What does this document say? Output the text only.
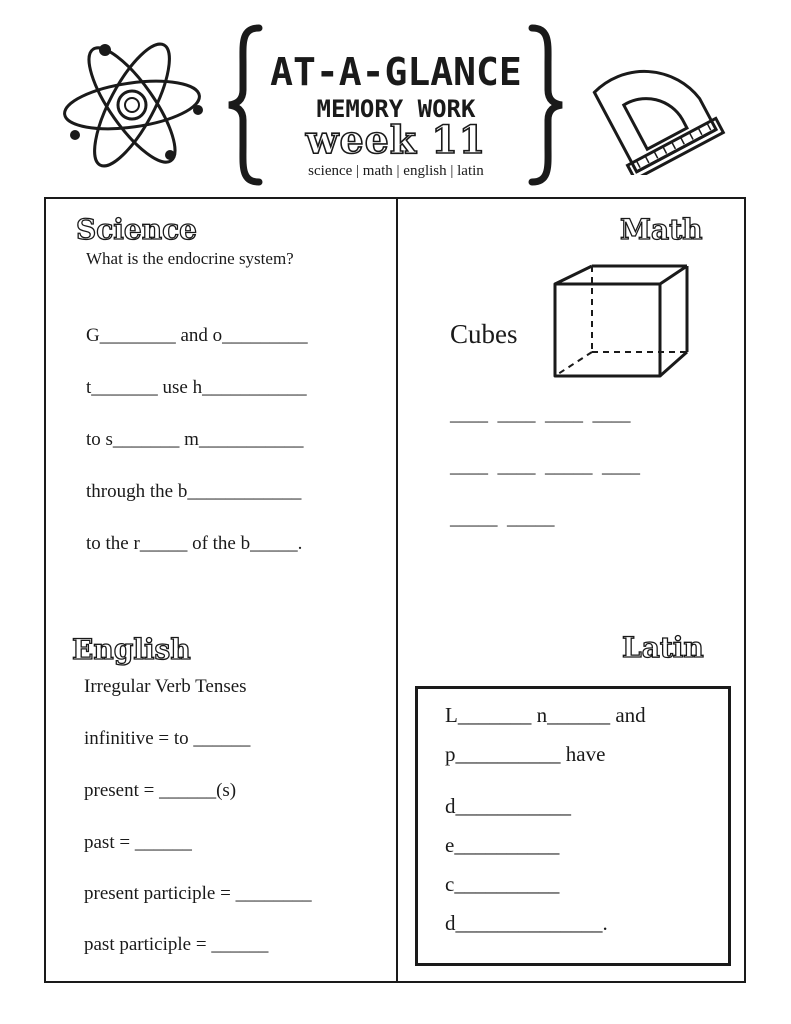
AT-A-GLANCE
MEMORY WORK
week 11
science | math | english | latin
Science
What is the endocrine system?
G________ and o_________
t_______ use h___________
to s_______ m___________
through the b____________
to the r_____ of the b_____.
Math
Cubes
____  ____  ____  ____
____  ____  _____  ____
_____  _____
English
Irregular Verb Tenses
infinitive = to ______
present = ______(s)
past = ______
present participle = ________
past participle = ______
Latin
L_______ n______ and
p__________ have
d___________
e__________
c__________
d______________.
